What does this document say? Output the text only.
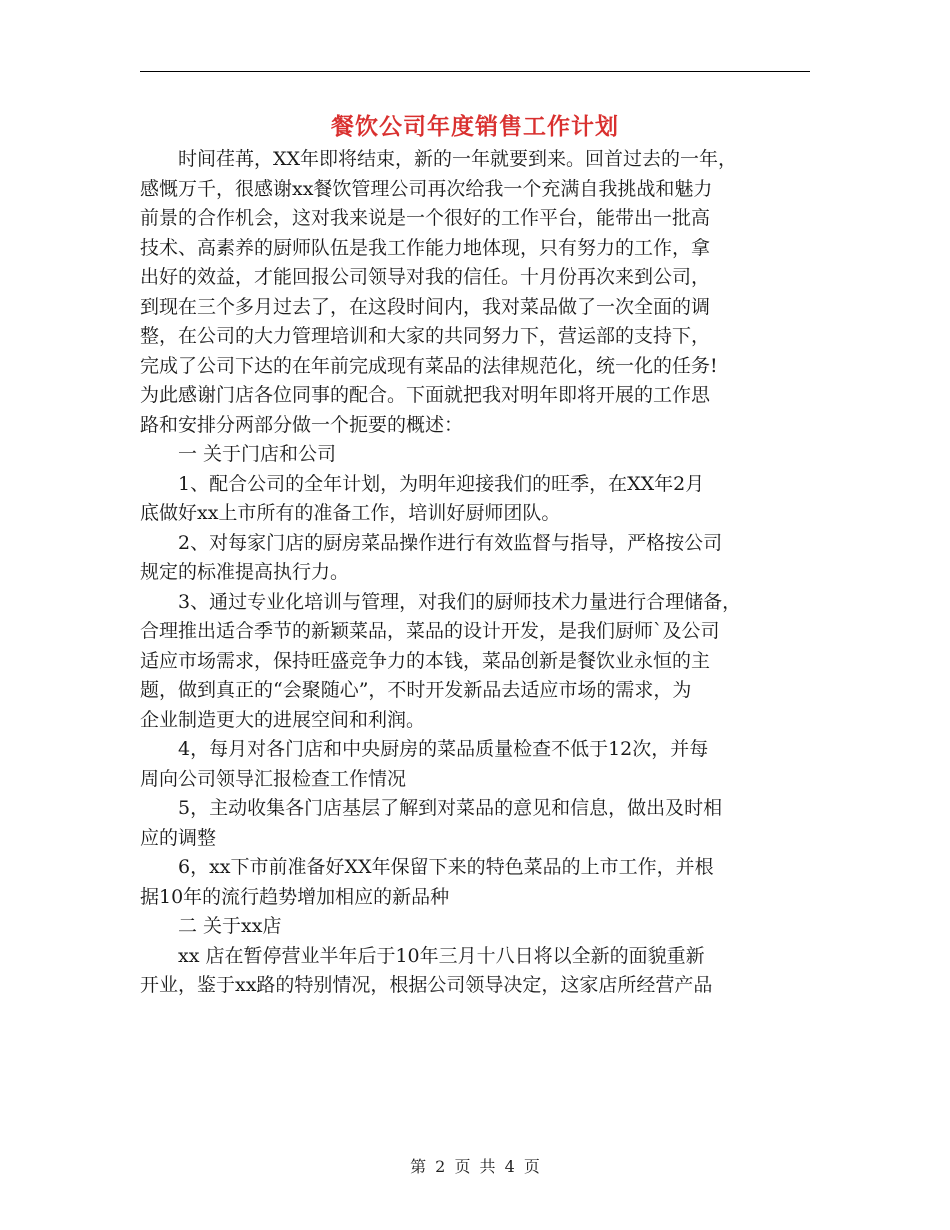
餐饮公司年度销售工作计划

时间荏苒，XX年即将结束，新的一年就要到来。回首过去的一年，
感慨万千，很感谢xx餐饮管理公司再次给我一个充满自我挑战和魅力
前景的合作机会，这对我来说是一个很好的工作平台，能带出一批高
技术、高素养的厨师队伍是我工作能力地体现，只有努力的工作，拿
出好的效益，才能回报公司领导对我的信任。十月份再次来到公司，
到现在三个多月过去了，在这段时间内，我对菜品做了一次全面的调
整，在公司的大力管理培训和大家的共同努力下，营运部的支持下，
完成了公司下达的在年前完成现有菜品的法律规范化，统一化的任务!
为此感谢门店各位同事的配合。下面就把我对明年即将开展的工作思
路和安排分两部分做一个扼要的概述：

一 关于门店和公司

1、配合公司的全年计划，为明年迎接我们的旺季，在XX年2月
底做好xx上市所有的准备工作，培训好厨师团队。

2、对每家门店的厨房菜品操作进行有效监督与指导，严格按公司
规定的标准提高执行力。

3、通过专业化培训与管理，对我们的厨师技术力量进行合理储备，
合理推出适合季节的新颖菜品，菜品的设计开发，是我们厨师`及公司
适应市场需求，保持旺盛竞争力的本钱，菜品创新是餐饮业永恒的主
题，做到真正的“会聚随心”，不时开发新品去适应市场的需求，为
企业制造更大的进展空间和利润。

4，每月对各门店和中央厨房的菜品质量检查不低于12次，并每
周向公司领导汇报检查工作情况

5，主动收集各门店基层了解到对菜品的意见和信息，做出及时相
应的调整

6，xx下市前准备好XX年保留下来的特色菜品的上市工作，并根
据10年的流行趋势增加相应的新品种

二 关于xx店

xx 店在暂停营业半年后于10年三月十八日将以全新的面貌重新
开业，鉴于xx路的特别情况，根据公司领导决定，这家店所经营产品

第 2 页 共 4 页
